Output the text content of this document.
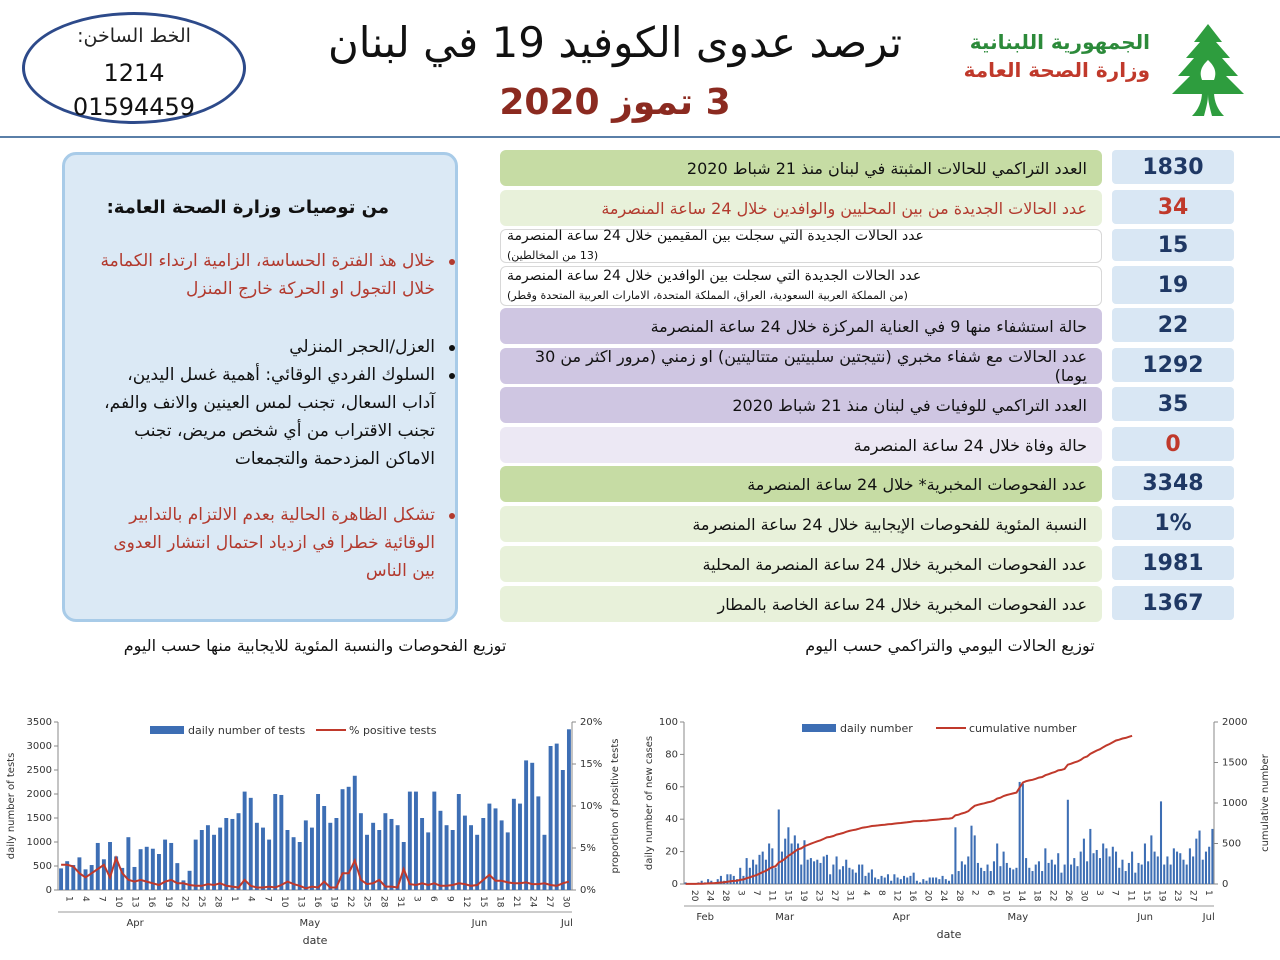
الخط الساخن:
1214
01594459
ترصد عدوى الكوفيد 19 في لبنان
3 تموز 2020
الجمهورية اللبنانية
وزارة الصحة العامة
من توصيات وزارة الصحة العامة:
خلال هذ الفترة الحساسة، الزامية ارتداء الكمامة خلال التجول او الحركة خارج المنزل
العزل/الحجر المنزلي
السلوك الفردي الوقائي: أهمية غسل اليدين، آداب السعال، تجنب لمس العينين والانف والفم، تجنب الاقتراب من أي شخص مريض، تجنب الاماكن المزدحمة والتجمعات
تشكل الظاهرة الحالية بعدم الالتزام بالتدابير الوقائية خطرا في ازدياد احتمال انتشار العدوى بين الناس
العدد التراكمي للحالات المثبتة في لبنان منذ 21 شباط 2020	1830
عدد الحالات الجديدة من بين المحليين والوافدين خلال 24 ساعة المنصرمة	34
عدد الحالات الجديدة التي سجلت بين المقيمين خلال 24 ساعة المنصرمة
(13 من المخالطين)	15
عدد الحالات الجديدة التي سجلت بين الوافدين خلال 24 ساعة المنصرمة
(من المملكة العربية السعودية، العراق، المملكة المتحدة، الامارات العربية المتحدة وقطر)	19
حالة استشفاء منها 9 في العناية المركزة خلال 24 ساعة المنصرمة	22
عدد الحالات مع شفاء مخبري (نتيجتين سلبيتين متتاليتين) او زمني (مرور اكثر من 30 يوما)	1292
العدد التراكمي للوفيات في لبنان منذ 21 شباط 2020	35
حالة وفاة خلال 24 ساعة المنصرمة	0
عدد الفحوصات المخبرية* خلال 24 ساعة المنصرمة	3348
النسبة المئوية للفحوصات الإيجابية خلال 24 ساعة المنصرمة	1%
عدد الفحوصات المخبرية خلال 24 ساعة المنصرمة المحلية	1981
عدد الفحوصات المخبرية خلال 24 ساعة الخاصة بالمطار	1367
توزيع الفحوصات والنسبة المئوية للايجابية منها حسب اليوم	توزيع الحالات اليومي والتراكمي حسب اليوم
0
500
1000
1500
2000
2500
3000
3500
0%
5%
10%
15%
20%
1 4 7 10 13 16 19 22 25 28 1 4 7 10 13 16 19 22 25 28 31 3 6 9 12 15 18 21 24 27 30
Apr	May	Jun	Jul
date
daily number of tests	proportion of positive tests
daily number of tests	% positive tests
0
20
40
60
80
100
0
500
1000
1500
2000
20 24 28 3 7 11 15 19 23 27 31 4 8 12 16 20 24 28 2 6 10 14 18 22 26 30 3 7 11 15 19 23 27 1
Feb	Mar	Apr	May	Jun	Jul
date
daily number of new cases	cumulative number
daily number	cumulative number
